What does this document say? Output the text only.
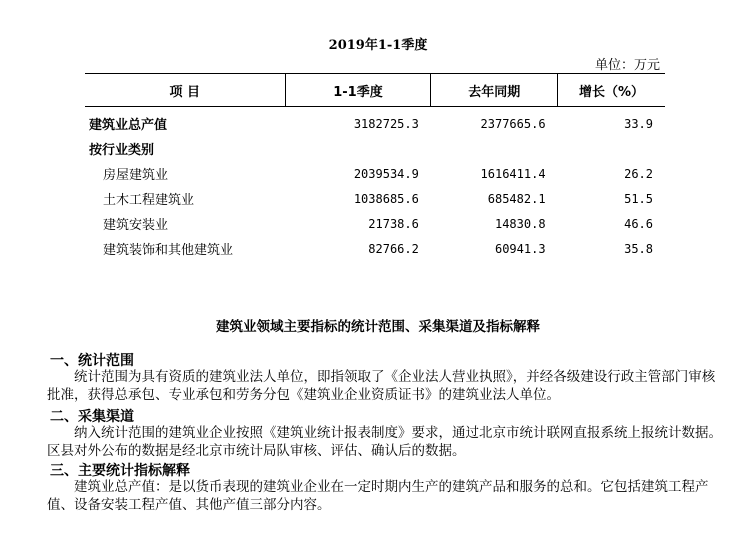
2019年1-1季度
单位：万元
项 目	1-1季度	去年同期	增长（%）
建筑业总产值	3182725.3	2377665.6	33.9
按行业类别			
房屋建筑业	2039534.9	1616411.4	26.2
土木工程建筑业	1038685.6	685482.1	51.5
建筑安装业	21738.6	14830.8	46.6
建筑装饰和其他建筑业	82766.2	60941.3	35.8
建筑业领域主要指标的统计范围、采集渠道及指标解释
一、统计范围

统计范围为具有资质的建筑业法人单位，即指领取了《企业法人营业执照》，并经各级建设行政主管部门审核批准，获得总承包、专业承包和劳务分包《建筑业企业资质证书》的建筑业法人单位。

二、采集渠道

纳入统计范围的建筑业企业按照《建筑业统计报表制度》要求，通过北京市统计联网直报系统上报统计数据。区县对外公布的数据是经北京市统计局队审核、评估、确认后的数据。

三、主要统计指标解释

建筑业总产值：是以货币表现的建筑业企业在一定时期内生产的建筑产品和服务的总和。它包括建筑工程产值、设备安装工程产值、其他产值三部分内容。
